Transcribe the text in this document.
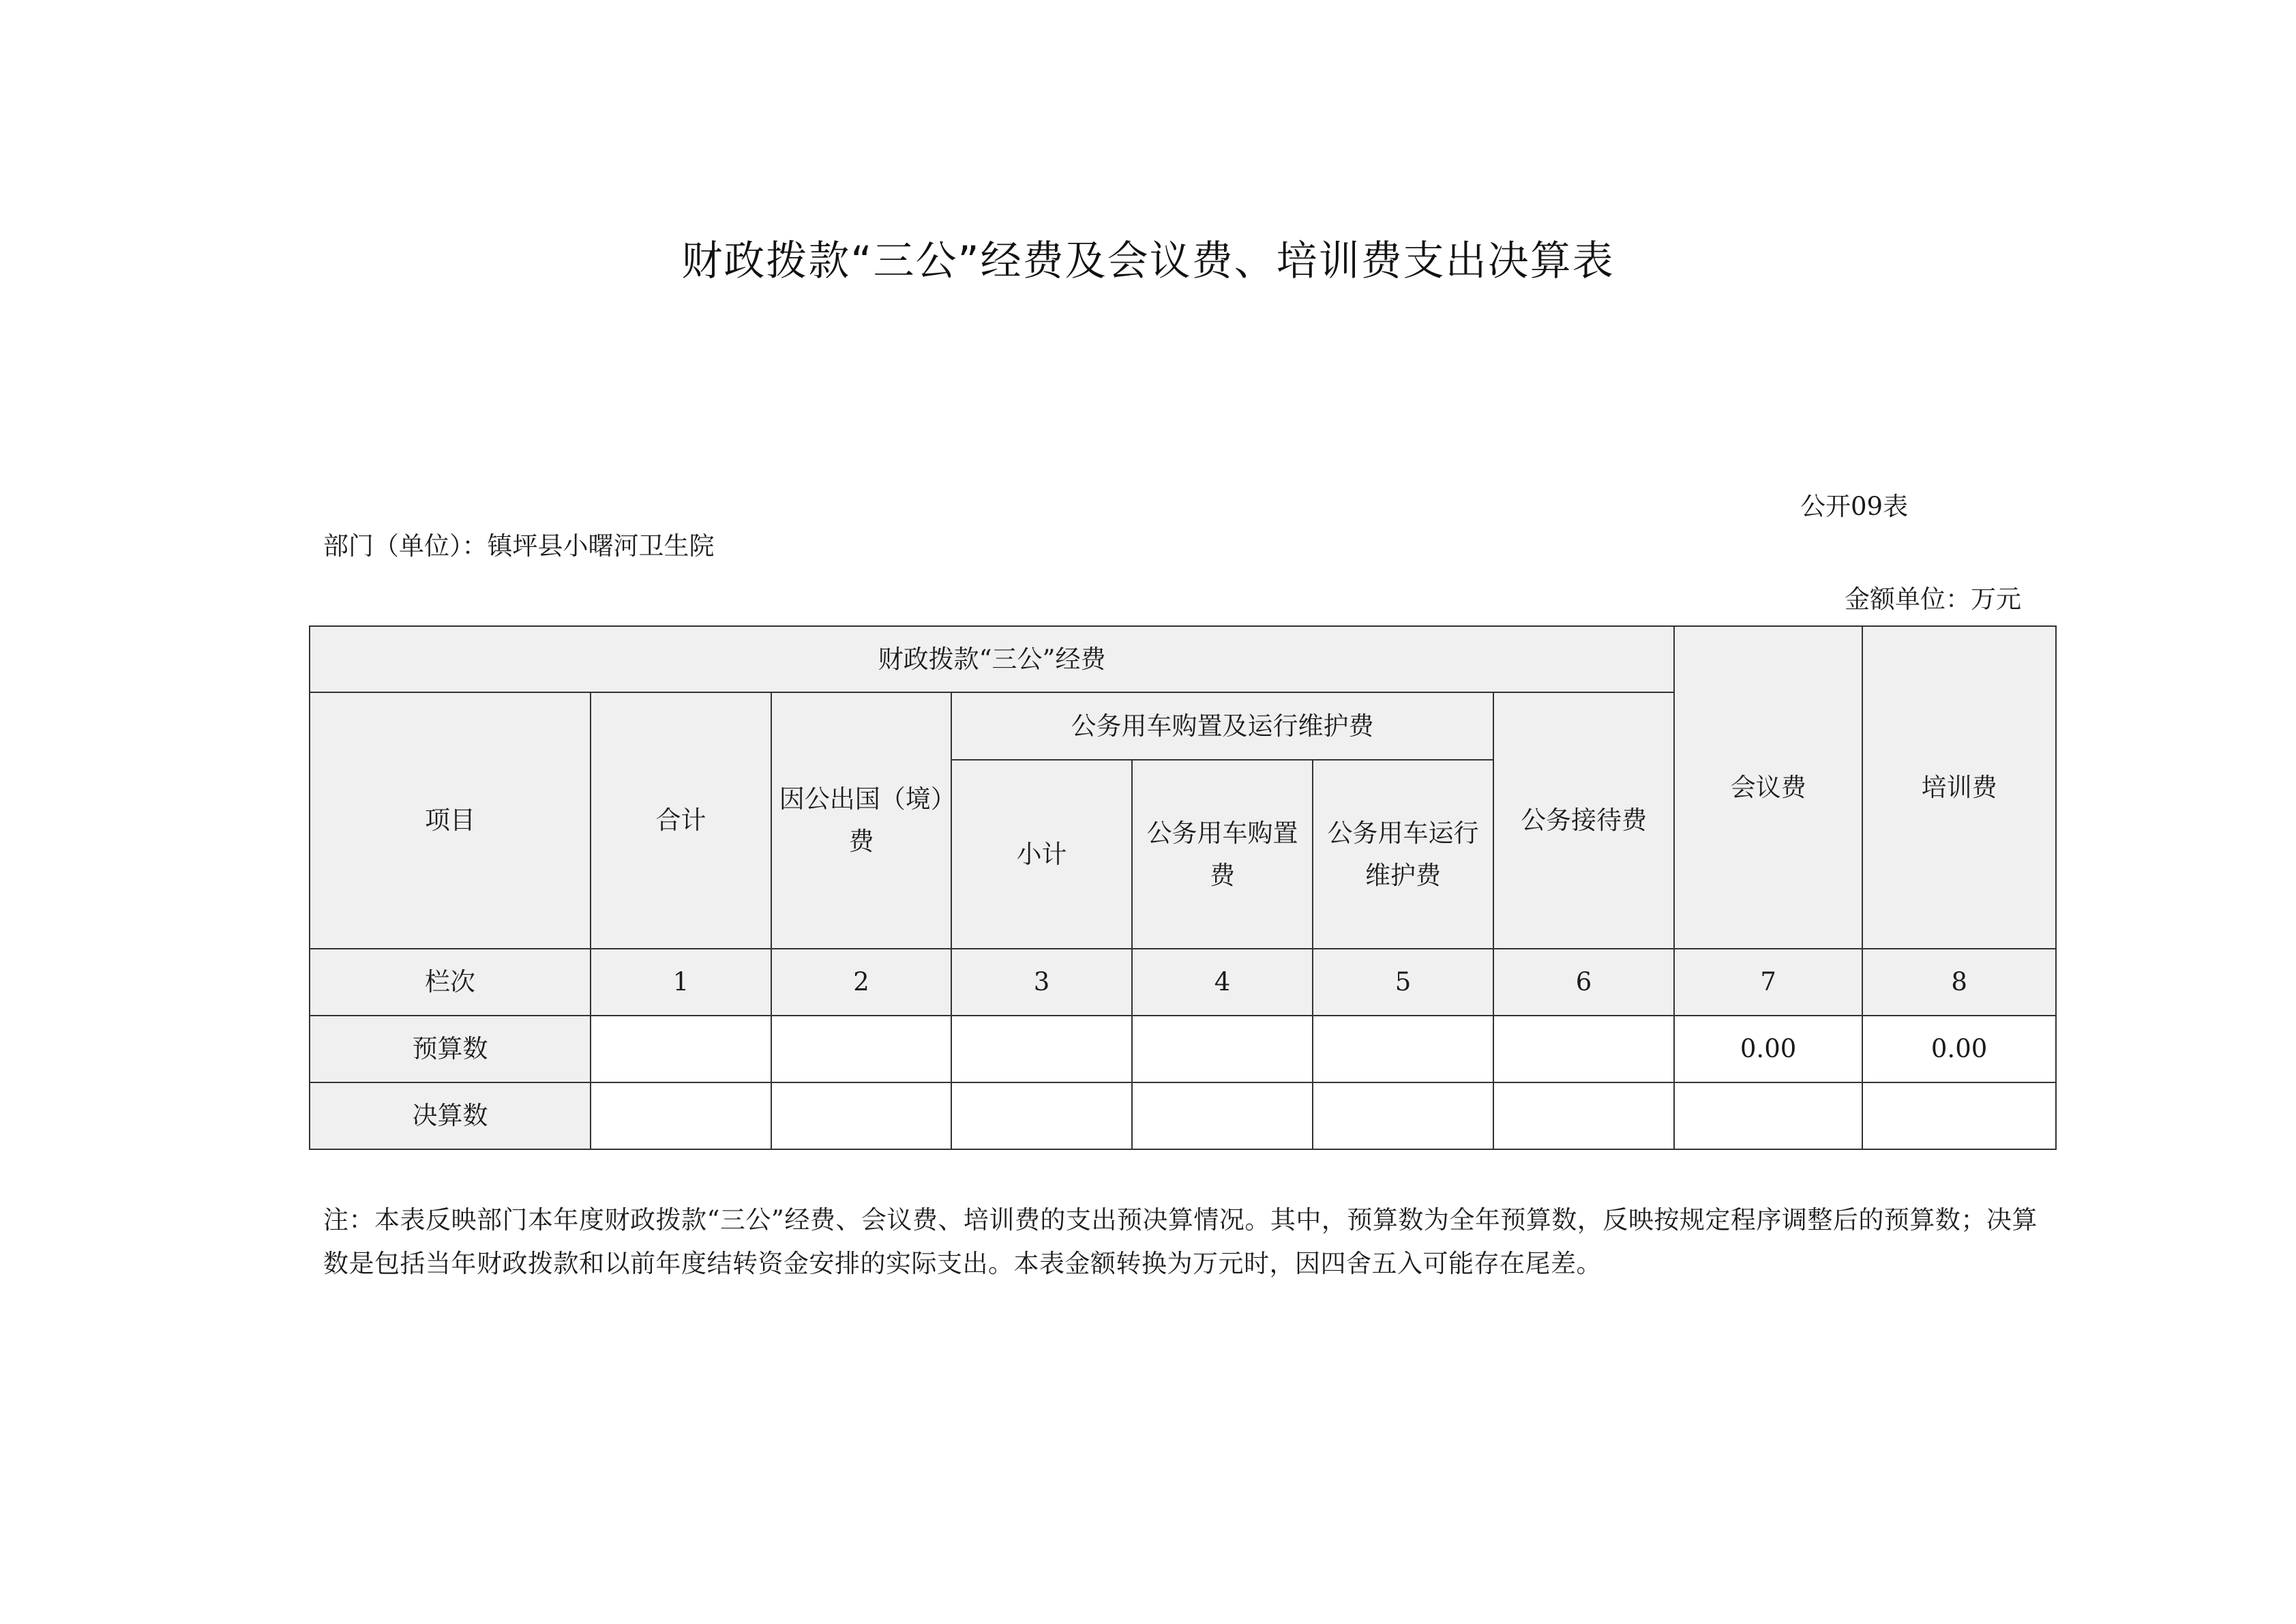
财政拨款“三公”经费及会议费、培训费支出决算表
公开09表
部门（单位）：镇坪县小曙河卫生院
金额单位：万元
财政拨款“三公”经费							会议费	培训费
项目	合计	因公出国（境）费	公务用车购置及运行维护费			公务接待费		
			小计	公务用车购置费	公务用车运行维护费			
栏次	1	2	3	4	5	6	7	8
预算数							0.00	0.00
决算数								
注：本表反映部门本年度财政拨款“三公”经费、会议费、培训费的支出预决算情况。其中，预算数为全年预算数，反映按规定程序调整后的预算数；决算数是包括当年财政拨款和以前年度结转资金安排的实际支出。本表金额转换为万元时，因四舍五入可能存在尾差。
